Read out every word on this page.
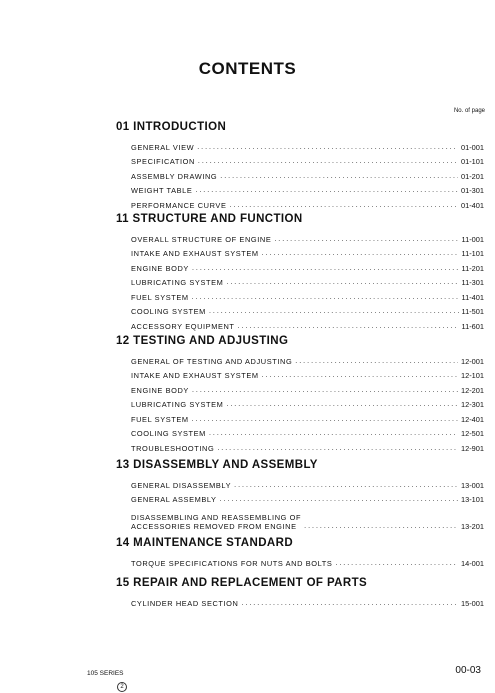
CONTENTS
No. of page
01 INTRODUCTION
GENERAL VIEW .....	01-001
SPECIFICATION .....	01-101
ASSEMBLY DRAWING .....	01-201
WEIGHT TABLE .....	01-301
PERFORMANCE CURVE .....	01-401
11 STRUCTURE AND FUNCTION
OVERALL STRUCTURE OF ENGINE .....	11-001
INTAKE AND EXHAUST SYSTEM .....	11-101
ENGINE BODY .....	11-201
LUBRICATING SYSTEM .....	11-301
FUEL SYSTEM .....	11-401
COOLING SYSTEM .....	11-501
ACCESSORY EQUIPMENT .....	11-601
12 TESTING AND ADJUSTING
GENERAL OF TESTING AND ADJUSTING .....	12-001
INTAKE AND EXHAUST SYSTEM .....	12-101
ENGINE BODY .....	12-201
LUBRICATING SYSTEM .....	12-301
FUEL SYSTEM .....	12-401
COOLING SYSTEM .....	12-501
TROUBLESHOOTING .....	12-901
13 DISASSEMBLY AND ASSEMBLY
GENERAL DISASSEMBLY .....	13-001
GENERAL ASSEMBLY .....	13-101
DISASSEMBLING AND REASSEMBLING OF
ACCESSORIES REMOVED FROM ENGINE .....	13-201
14 MAINTENANCE STANDARD
TORQUE SPECIFICATIONS FOR NUTS AND BOLTS .....	14-001
15 REPAIR AND REPLACEMENT OF PARTS
CYLINDER HEAD SECTION .....	15-001
105 SERIES	00-03
2
